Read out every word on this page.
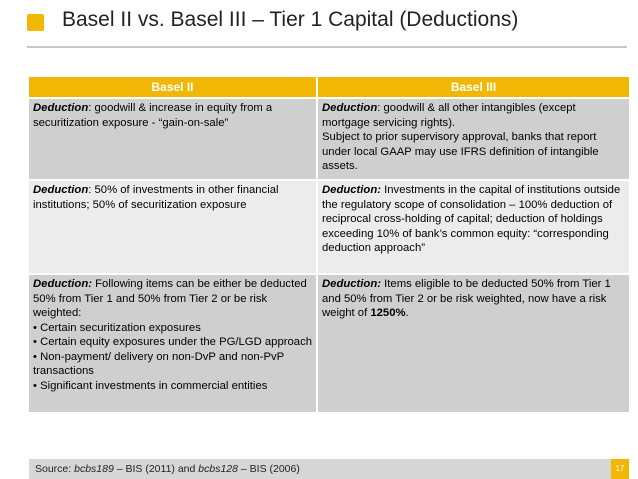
Basel II vs. Basel III – Tier 1 Capital (Deductions)
Basel II	Basel III
Deduction: goodwill & increase in equity from a securitization exposure - “gain-on-sale”	Deduction: goodwill & all other intangibles (except mortgage servicing rights).
Subject to prior supervisory approval, banks that report under local GAAP may use IFRS definition of intangible assets.

Deduction: 50% of investments in other financial institutions; 50% of securitization exposure	Deduction: Investments in the capital of institutions outside the regulatory scope of consolidation – 100% deduction of reciprocal cross-holding of capital; deduction of holdings exceeding 10% of bank’s common equity: “corresponding deduction approach”
Deduction: Following items can be either be deducted 50% from Tier 1 and 50% from Tier 2 or be risk weighted:
• Certain securitization exposures
• Certain equity exposures under the PG/LGD approach
• Non-payment/ delivery on non-DvP and non-PvP transactions
• Significant investments in commercial entities	Deduction: Items eligible to be deducted 50% from Tier 1 and 50% from Tier 2 or be risk weighted, now have a risk weight of 1250%.
Source: bcbs189 – BIS (2011) and bcbs128 – BIS (2006)	17
